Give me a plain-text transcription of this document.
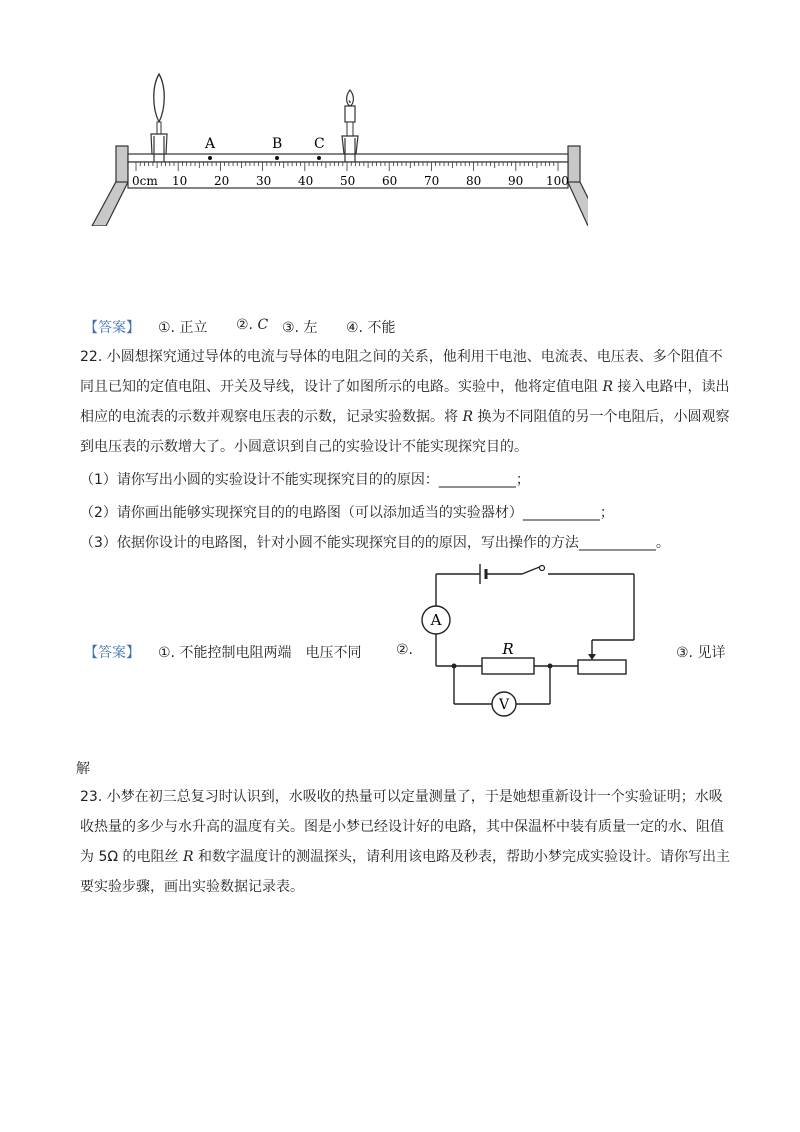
0cm 10 20 30 40 50 60 70 80 90 100
A	B C
【答案】 ①. 正立 ②. C ③. 左 ④. 不能
22. 小圆想探究通过导体的电流与导体的电阻之间的关系，他利用干电池、电流表、电压表、多个阻值不
同且已知的定值电阻、开关及导线，设计了如图所示的电路。实验中，他将定值电阻 R 接入电路中，读出
相应的电流表的示数并观察电压表的示数，记录实验数据。将 R 换为不同阻值的另一个电阻后，小圆观察
到电压表的示数增大了。小圆意识到自己的实验设计不能实现探究目的。
（1）请你写出小圆的实验设计不能实现探究目的的原因：___________；
（2）请你画出能够实现探究目的的电路图（可以添加适当的实验器材）___________；
（3）依据你设计的电路图，针对小圆不能实现探究目的的原因，写出操作的方法___________。
【答案】 ①. 不能控制电阻两端　电压不同 ②.	③. 见详
解
A
R
V
23. 小梦在初三总复习时认识到，水吸收的热量可以定量测量了，于是她想重新设计一个实验证明；水吸
收热量的多少与水升高的温度有关。图是小梦已经设计好的电路，其中保温杯中装有质量一定的水、阻值
为 5Ω 的电阻丝 R 和数字温度计的测温探头，请利用该电路及秒表，帮助小梦完成实验设计。请你写出主
要实验步骤，画出实验数据记录表。
